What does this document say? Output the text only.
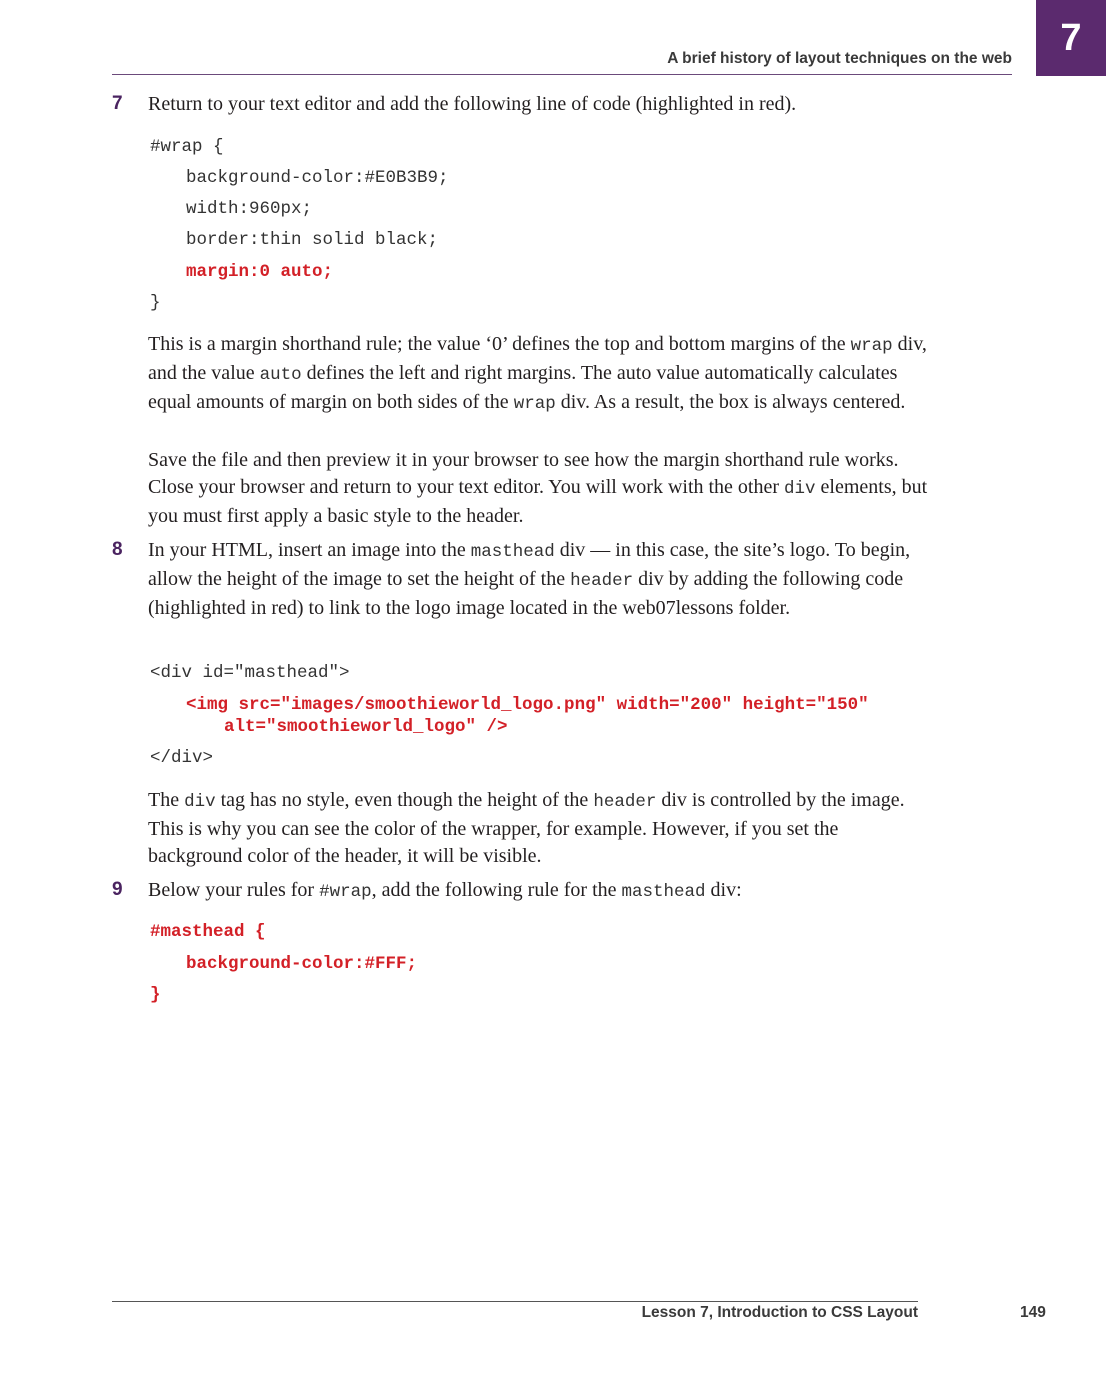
7
A brief history of layout techniques on the web
7 Return to your text editor and add the following line of code (highlighted in red).
#wrap {
background-color:#E0B3B9;
width:960px;
border:thin solid black;
margin:0 auto;
}
This is a margin shorthand rule; the value ‘0’ defines the top and bottom margins of the wrap div, and the value auto defines the left and right margins. The auto value automatically calculates equal amounts of margin on both sides of the wrap div. As a result, the box is always centered.
Save the file and then preview it in your browser to see how the margin shorthand rule works. Close your browser and return to your text editor. You will work with the other div elements, but you must first apply a basic style to the header.
8 In your HTML, insert an image into the masthead div — in this case, the site’s logo. To begin, allow the height of the image to set the height of the header div by adding the following code (highlighted in red) to link to the logo image located in the web07lessons folder.
<div id="masthead">
<img src="images/smoothieworld_logo.png" width="200" height="150"
alt="smoothieworld_logo" />
</div>
The div tag has no style, even though the height of the header div is controlled by the image. This is why you can see the color of the wrapper, for example. However, if you set the background color of the header, it will be visible.
9 Below your rules for #wrap, add the following rule for the masthead div:
#masthead {
background-color:#FFF;
}
Lesson 7, Introduction to CSS Layout	149
